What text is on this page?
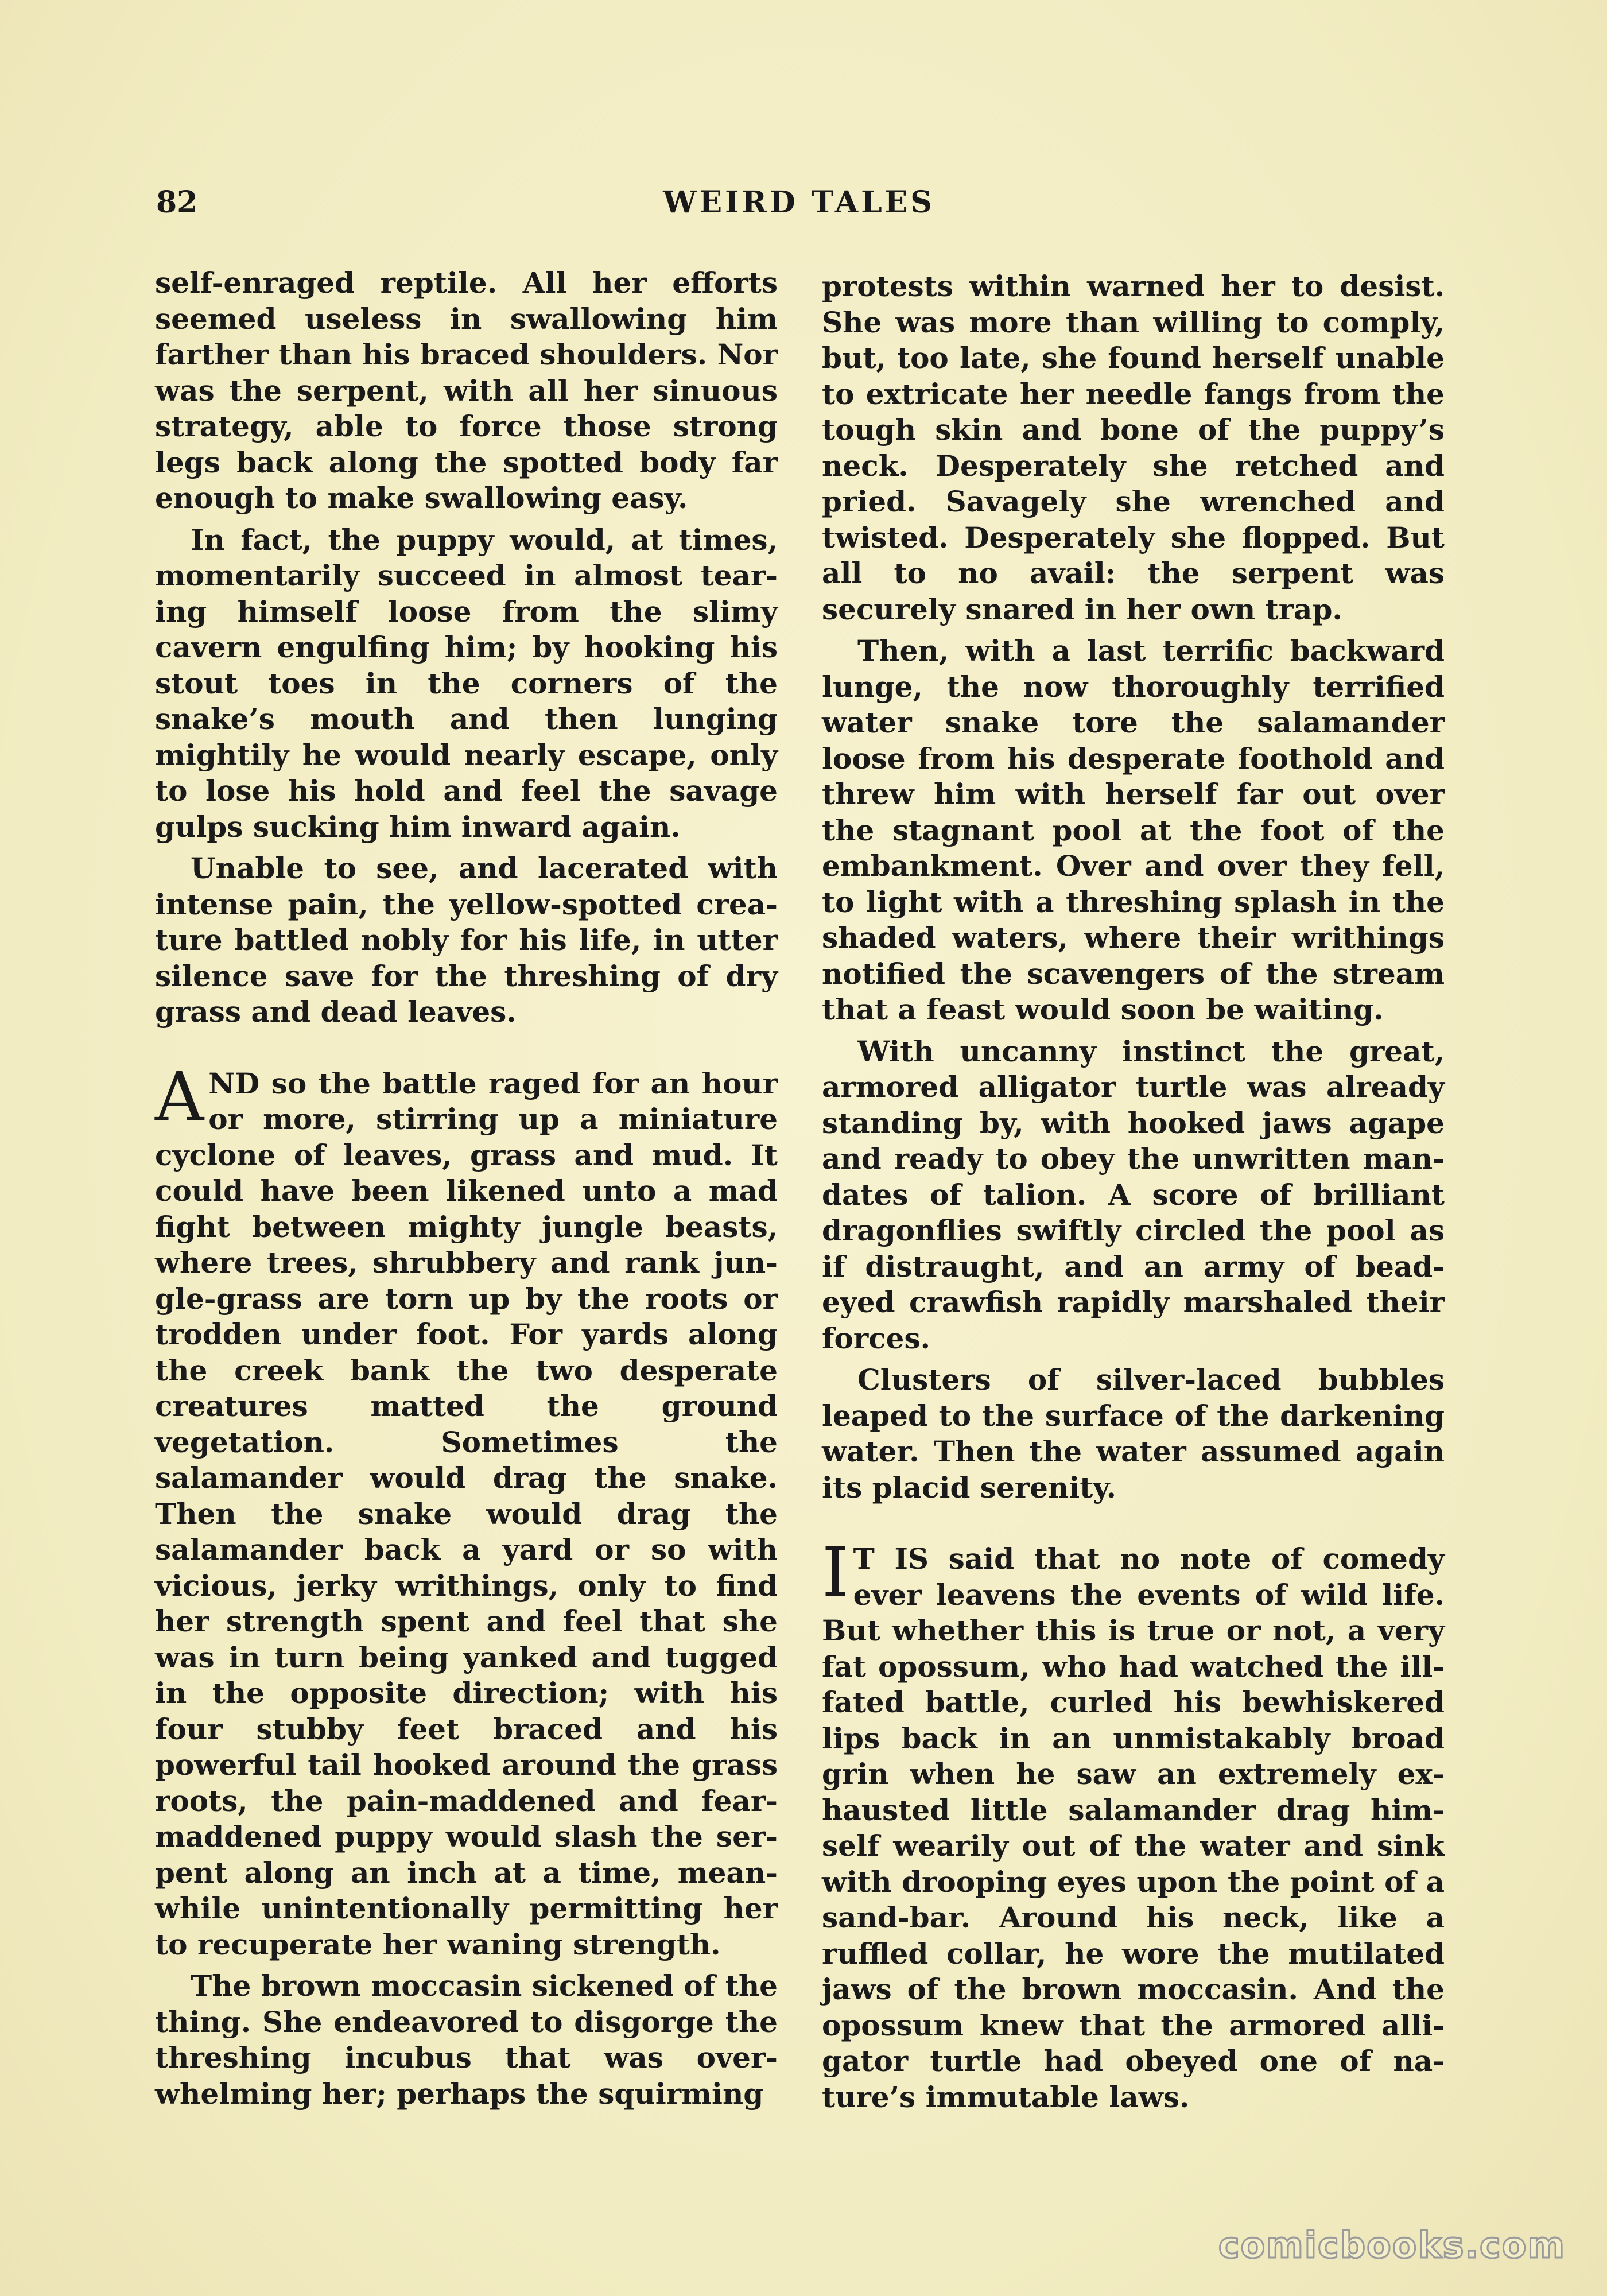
82	WEIRD TALES

self-enraged reptile. All her efforts seemed useless in swallowing him farther than his braced shoulders. Nor was the serpent, with all her sinuous strategy, able to force those strong legs back along the spotted body far enough to make swallowing easy.

In fact, the puppy would, at times, momentarily succeed in almost tearing himself loose from the slimy cavern engulfing him; by hooking his stout toes in the corners of the snake’s mouth and then lunging mightily he would nearly escape, only to lose his hold and feel the savage gulps sucking him inward again.

Unable to see, and lacerated with intense pain, the yellow-spotted creature battled nobly for his life, in utter silence save for the threshing of dry grass and dead leaves.

AND so the battle raged for an hour or more, stirring up a miniature cyclone of leaves, grass and mud. It could have been likened unto a mad fight between mighty jungle beasts, where trees, shrubbery and rank jungle-grass are torn up by the roots or trodden under foot. For yards along the creek bank the two desperate creatures matted the ground vegetation. Sometimes the salamander would drag the snake. Then the snake would drag the salamander back a yard or so with vicious, jerky writhings, only to find her strength spent and feel that she was in turn being yanked and tugged in the opposite direction; with his four stubby feet braced and his powerful tail hooked around the grass roots, the pain-maddened and fear-maddened puppy would slash the serpent along an inch at a time, meanwhile unintentionally permitting her to recuperate her waning strength.

The brown moccasin sickened of the thing. She endeavored to disgorge the threshing incubus that was overwhelming her; perhaps the squirming

protests within warned her to desist. She was more than willing to comply, but, too late, she found herself unable to extricate her needle fangs from the tough skin and bone of the puppy’s neck. Desperately she retched and pried. Savagely she wrenched and twisted. Desperately she flopped. But all to no avail: the serpent was securely snared in her own trap.

Then, with a last terrific backward lunge, the now thoroughly terrified water snake tore the salamander loose from his desperate foothold and threw him with herself far out over the stagnant pool at the foot of the embankment. Over and over they fell, to light with a threshing splash in the shaded waters, where their writhings notified the scavengers of the stream that a feast would soon be waiting.

With uncanny instinct the great, armored alligator turtle was already standing by, with hooked jaws agape and ready to obey the unwritten mandates of talion. A score of brilliant dragonflies swiftly circled the pool as if distraught, and an army of bead-eyed crawfish rapidly marshaled their forces.

Clusters of silver-laced bubbles leaped to the surface of the darkening water. Then the water assumed again its placid serenity.

I T IS said that no note of comedy ever leavens the events of wild life. But whether this is true or not, a very fat opossum, who had watched the ill-fated battle, curled his bewhiskered lips back in an unmistakably broad grin when he saw an extremely exhausted little salamander drag himself wearily out of the water and sink with drooping eyes upon the point of a sand-bar. Around his neck, like a ruffled collar, he wore the mutilated jaws of the brown moccasin. And the opossum knew that the armored alligator turtle had obeyed one of nature’s immutable laws.

comicbooks.com
